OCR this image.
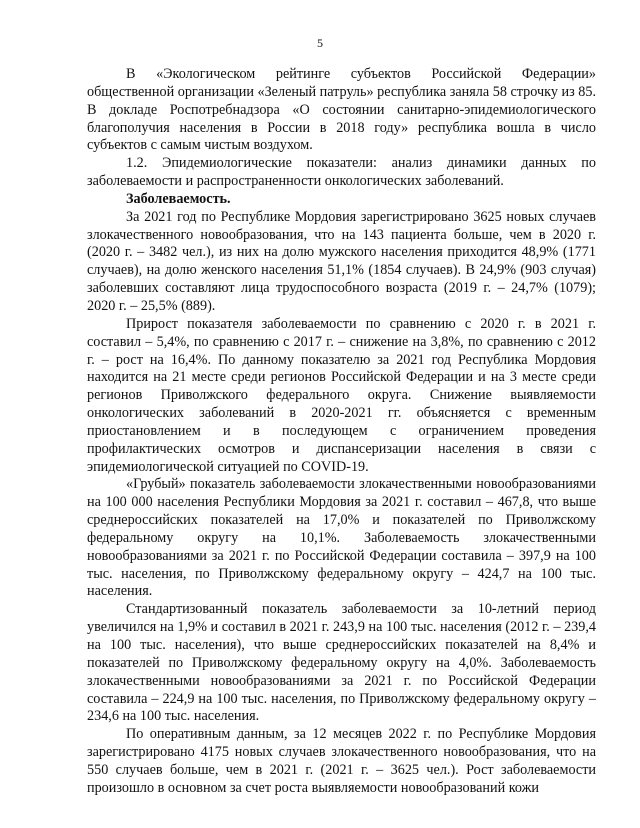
5

В «Экологическом рейтинге субъектов Российской Федерации» общественной организации «Зеленый патруль» республика заняла 58 строчку из 85. В докладе Роспотребнадзора «О состоянии санитарно-эпидемиологического благополучия населения в России в 2018 году» республика вошла в число субъектов с самым чистым воздухом.

1.2. Эпидемиологические показатели: анализ динамики данных по заболеваемости и распространенности онкологических заболеваний.

Заболеваемость.

За 2021 год по Республике Мордовия зарегистрировано 3625 новых случаев злокачественного новообразования, что на 143 пациента больше, чем в 2020 г. (2020 г. – 3482 чел.), из них на долю мужского населения приходится 48,9% (1771 случаев), на долю женского населения 51,1% (1854 случаев). В 24,9% (903 случая) заболевших составляют лица трудоспособного возраста (2019 г. – 24,7% (1079); 2020 г. – 25,5% (889).

Прирост показателя заболеваемости по сравнению с 2020 г. в 2021 г. составил – 5,4%, по сравнению с 2017 г. – снижение на 3,8%, по сравнению с 2012 г. – рост на 16,4%. По данному показателю за 2021 год Республика Мордовия находится на 21 месте среди регионов Российской Федерации и на 3 месте среди регионов Приволжского федерального округа. Снижение выявляемости онкологических заболеваний в 2020-2021 гг. объясняется с временным приостановлением и в последующем с ограничением проведения профилактических осмотров и диспансеризации населения в связи с эпидемиологической ситуацией по COVID-19.

«Грубый» показатель заболеваемости злокачественными новообразованиями на 100 000 населения Республики Мордовия за 2021 г. составил – 467,8, что выше среднероссийских показателей на 17,0% и показателей по Приволжскому федеральному округу на 10,1%. Заболеваемость злокачественными новообразованиями за 2021 г. по Российской Федерации составила – 397,9 на 100 тыс. населения, по Приволжскому федеральному округу – 424,7 на 100 тыс. населения.

Стандартизованный показатель заболеваемости за 10-летний период увеличился на 1,9% и составил в 2021 г. 243,9 на 100 тыс. населения (2012 г. – 239,4 на 100 тыс. населения), что выше среднероссийских показателей на 8,4% и показателей по Приволжскому федеральному округу на 4,0%. Заболеваемость злокачественными новообразованиями за 2021 г. по Российской Федерации составила – 224,9 на 100 тыс. населения, по Приволжскому федеральному округу – 234,6 на 100 тыс. населения.

По оперативным данным, за 12 месяцев 2022 г. по Республике Мордовия зарегистрировано 4175 новых случаев злокачественного новообразования, что на 550 случаев больше, чем в 2021 г. (2021 г. – 3625 чел.). Рост заболеваемости произошло в основном за счет роста выявляемости новообразований кожи
